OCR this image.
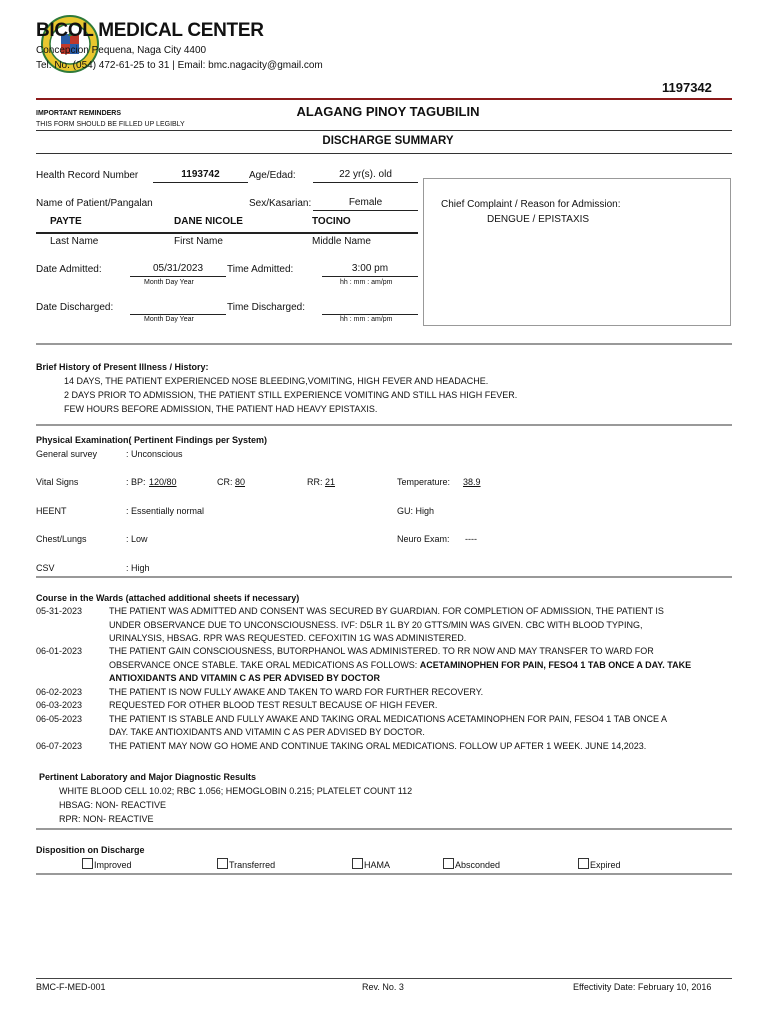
BICOL MEDICAL CENTER
Concepcion Pequena, Naga City 4400
Tel. No. (054) 472-61-25 to 31 | Email: bmc.nagacity@gmail.com
1197342
IMPORTANT REMINDERS
THIS FORM SHOULD BE FILLED UP LEGIBLY
ALAGANG PINOY TAGUBILIN
DISCHARGE SUMMARY
Health Record Number	1193742	Age/Edad:	22 yr(s). old
Name of Patient/Pangalan	Sex/Kasarian:	Female
PAYTE	DANE NICOLE	TOCINO
Last Name	First Name	Middle Name
Date Admitted:	05/31/2023
Month Day Year
Time Admitted:	3:00 pm
hh : mm : am/pm
Date Discharged:
Month Day Year
Time Discharged:
hh : mm : am/pm
Chief Complaint / Reason for Admission:
DENGUE / EPISTAXIS
Brief History of Present Illness / History:
14 DAYS, THE PATIENT EXPERIENCED NOSE BLEEDING,VOMITING, HIGH FEVER AND HEADACHE.
2 DAYS PRIOR TO ADMISSION, THE PATIENT STILL EXPERIENCE VOMITING AND STILL HAS HIGH FEVER.
FEW HOURS BEFORE ADMISSION, THE PATIENT HAD HEAVY EPISTAXIS.
Physical Examination( Pertinent Findings per System)
General survey	: Unconscious
Vital Signs	: BP: 120/80	CR: 80	RR: 21	Temperature: 38.9
HEENT	: Essentially normal	GU: High
Chest/Lungs	: Low	Neuro Exam: ----
CSV	: High
Course in the Wards (attached additional sheets if necessary)
05-31-2023	THE PATIENT WAS ADMITTED AND CONSENT WAS SECURED BY GUARDIAN. FOR COMPLETION OF ADMISSION, THE PATIENT IS
UNDER OBSERVANCE DUE TO UNCONSCIOUSNESS. IVF: D5LR 1L BY 20 GTTS/MIN WAS GIVEN. CBC WITH BLOOD TYPING,
URINALYSIS, HBSAG. RPR WAS REQUESTED. CEFOXITIN 1G WAS ADMINISTERED.
06-01-2023	THE PATIENT GAIN CONSCIOUSNESS, BUTORPHANOL WAS ADMINISTERED. TO RR NOW AND MAY TRANSFER TO WARD FOR
OBSERVANCE ONCE STABLE. TAKE ORAL MEDICATIONS AS FOLLOWS: ACETAMINOPHEN FOR PAIN, FESO4 1 TAB ONCE A DAY. TAKE
ANTIOXIDANTS AND VITAMIN C AS PER ADVISED BY DOCTOR
06-02-2023	THE PATIENT IS NOW FULLY AWAKE AND TAKEN TO WARD FOR FURTHER RECOVERY.
06-03-2023	REQUESTED FOR OTHER BLOOD TEST RESULT BECAUSE OF HIGH FEVER.
06-05-2023	THE PATIENT IS STABLE AND FULLY AWAKE AND TAKING ORAL MEDICATIONS ACETAMINOPHEN FOR PAIN, FESO4 1 TAB ONCE A
DAY. TAKE ANTIOXIDANTS AND VITAMIN C AS PER ADVISED BY DOCTOR.
06-07-2023	THE PATIENT MAY NOW GO HOME AND CONTINUE TAKING ORAL MEDICATIONS. FOLLOW UP AFTER 1 WEEK. JUNE 14,2023.
Pertinent Laboratory and Major Diagnostic Results
WHITE BLOOD CELL 10.02; RBC 1.056; HEMOGLOBIN 0.215; PLATELET COUNT 112
HBSAG: NON- REACTIVE
RPR: NON- REACTIVE
Disposition on Discharge
Improved	Transferred	HAMA	Absconded	Expired
BMC-F-MED-001	Rev. No. 3	Effectivity Date: February 10, 2016
